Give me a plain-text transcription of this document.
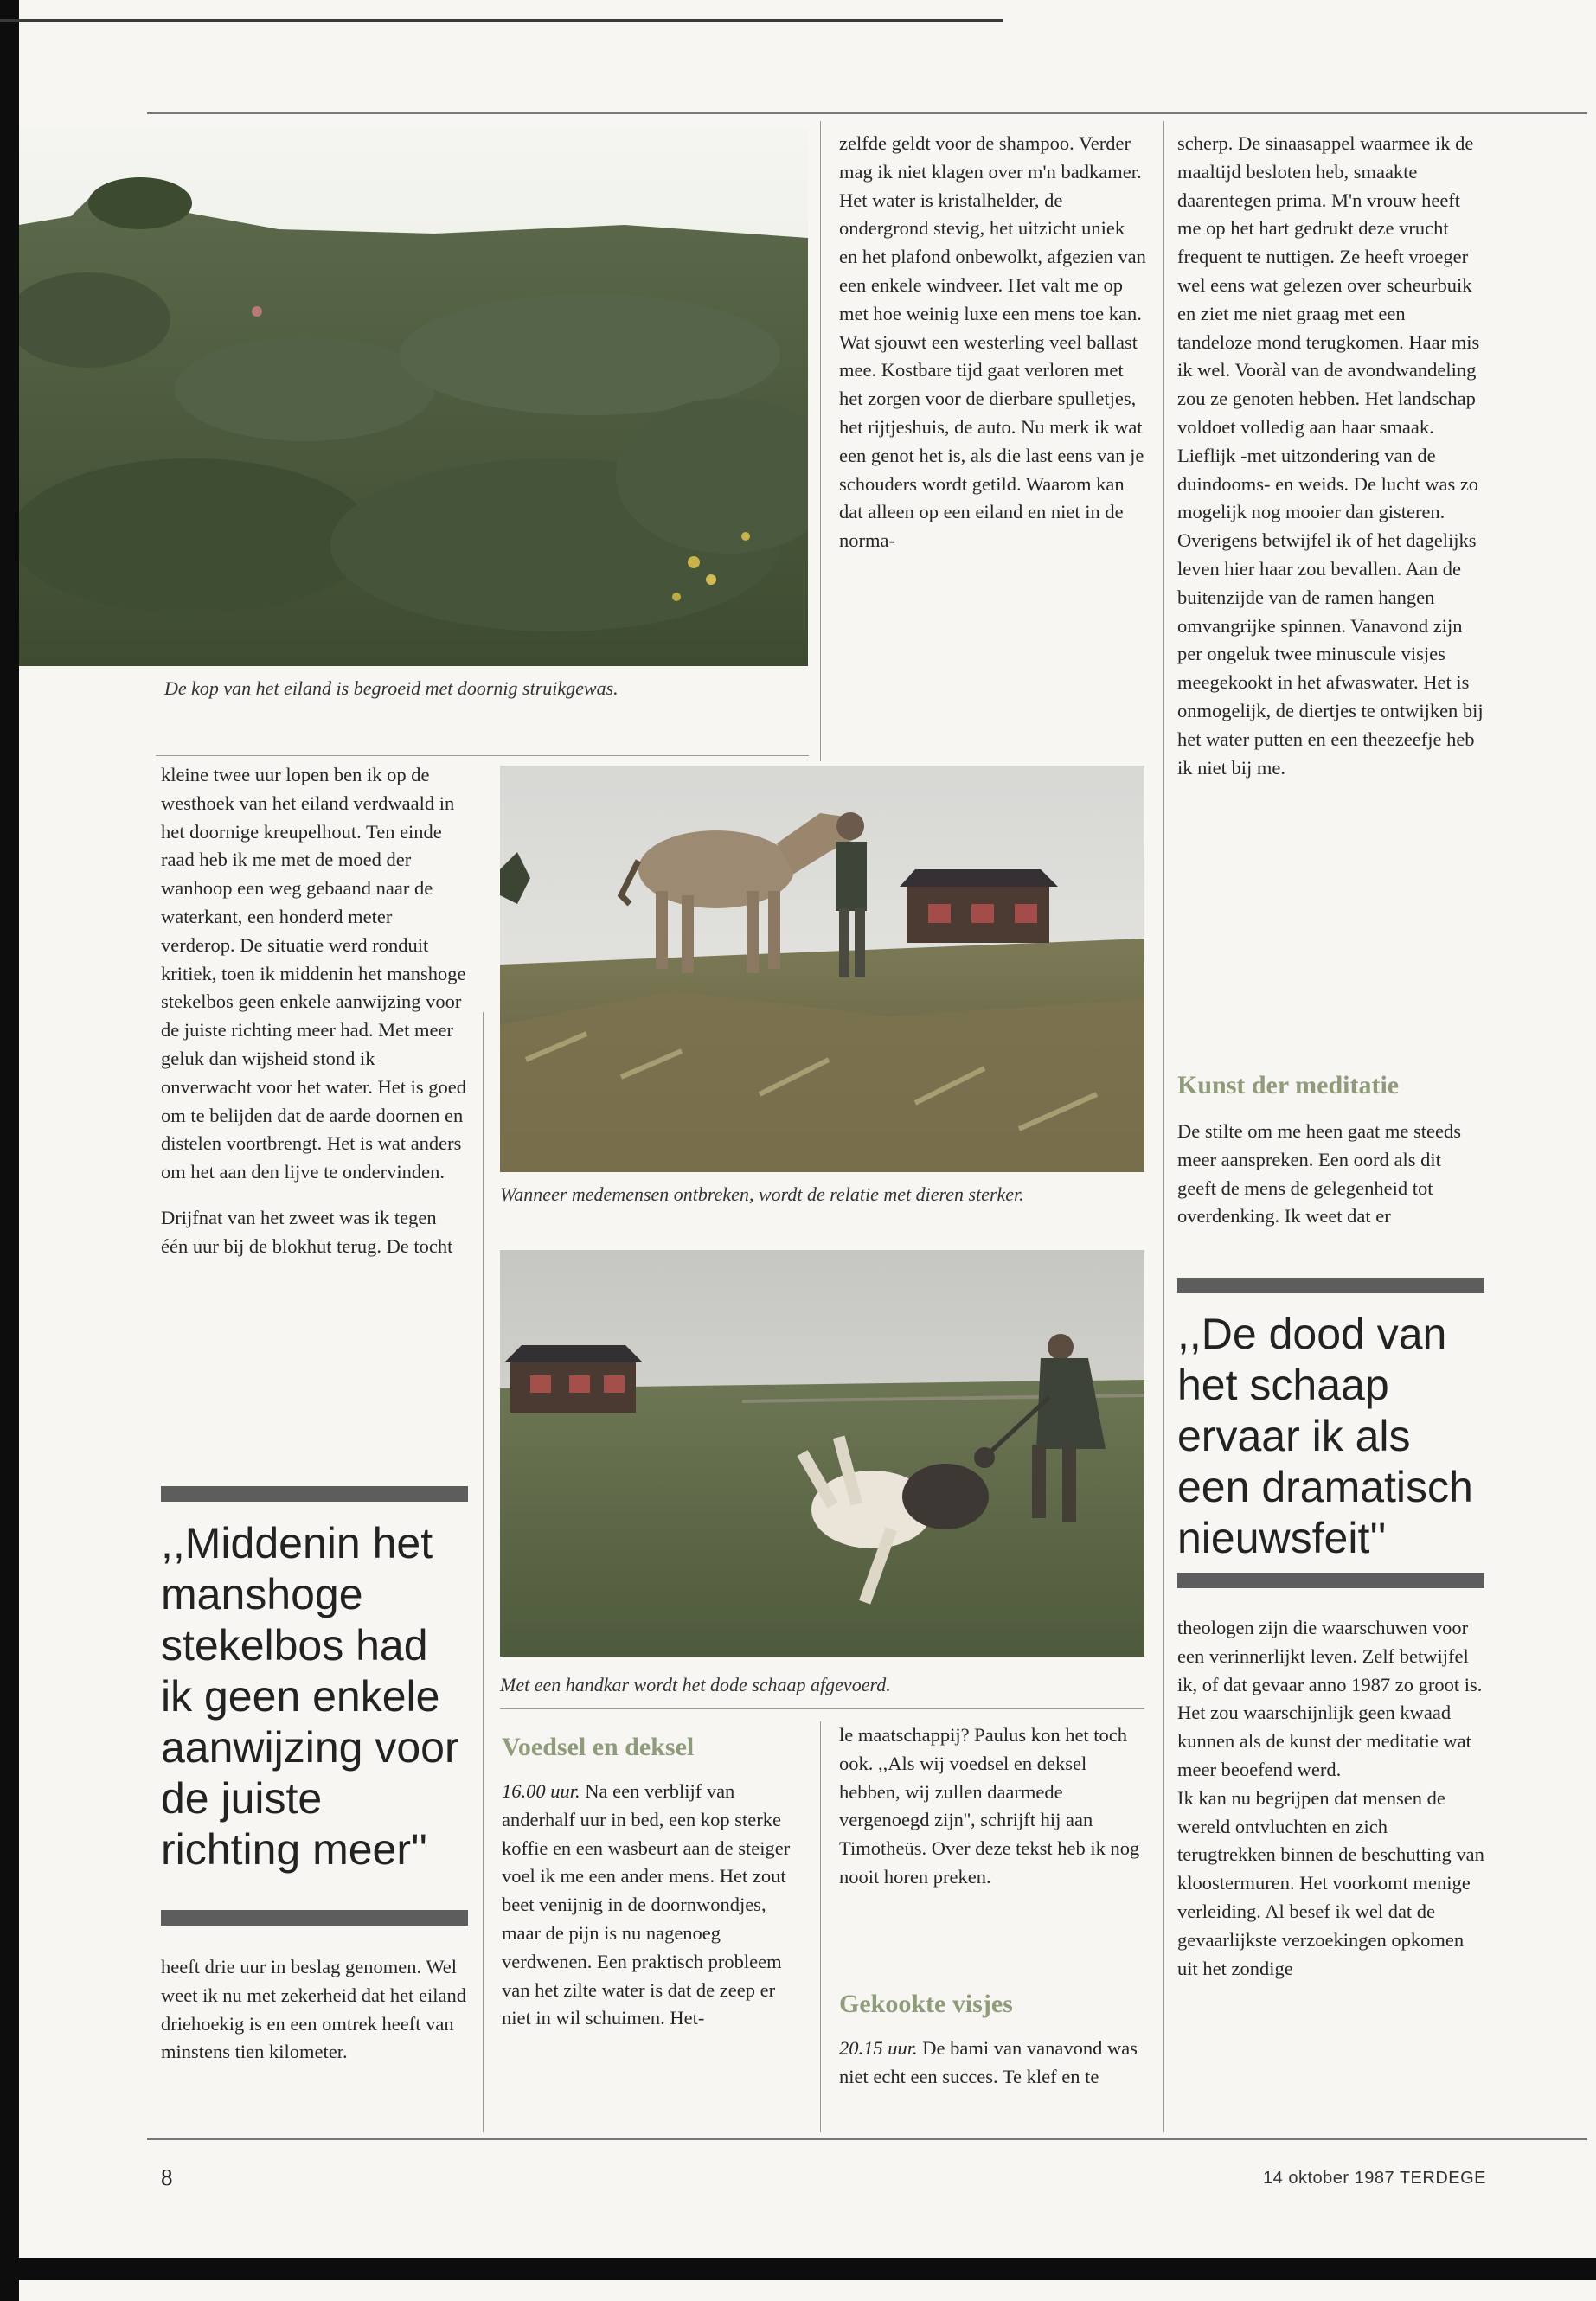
De kop van het eiland is begroeid met doornig struikgewas.

Wanneer medemensen ontbreken, wordt de relatie met dieren sterker.

Met een handkar wordt het dode schaap afgevoerd.

kleine twee uur lopen ben ik op de westhoek van het eiland verdwaald in het doornige kreupelhout. Ten einde raad heb ik me met de moed der wanhoop een weg gebaand naar de waterkant, een honderd meter verderop. De situatie werd ronduit kritiek, toen ik middenin het manshoge stekelbos geen enkele aanwijzing voor de juiste richting meer had. Met meer geluk dan wijsheid stond ik onverwacht voor het water. Het is goed om te belijden dat de aarde doornen en distelen voortbrengt. Het is wat anders om het aan den lijve te ondervinden.

Drijfnat van het zweet was ik tegen één uur bij de blokhut terug. De tocht

,,Middenin het manshoge stekelbos had ik geen enkele aanwijzing voor de juiste richting meer''

heeft drie uur in beslag genomen. Wel weet ik nu met zekerheid dat het eiland driehoekig is en een omtrek heeft van minstens tien kilometer.

Voedsel en deksel

16.00 uur. Na een verblijf van anderhalf uur in bed, een kop sterke koffie en een wasbeurt aan de steiger voel ik me een ander mens. Het zout beet venijnig in de doornwondjes, maar de pijn is nu nagenoeg verdwenen. Een praktisch probleem van het zilte water is dat de zeep er niet in wil schuimen. Het-

zelfde geldt voor de shampoo. Verder mag ik niet klagen over m'n badkamer. Het water is kristalhelder, de ondergrond stevig, het uitzicht uniek en het plafond onbewolkt, afgezien van een enkele windveer. Het valt me op met hoe weinig luxe een mens toe kan. Wat sjouwt een westerling veel ballast mee. Kostbare tijd gaat verloren met het zorgen voor de dierbare spulletjes, het rijtjeshuis, de auto. Nu merk ik wat een genot het is, als die last eens van je schouders wordt getild. Waarom kan dat alleen op een eiland en niet in de norma-

le maatschappij? Paulus kon het toch ook. ,,Als wij voedsel en deksel hebben, wij zullen daarmede vergenoegd zijn'', schrijft hij aan Timotheüs. Over deze tekst heb ik nog nooit horen preken.

Gekookte visjes

20.15 uur. De bami van vanavond was niet echt een succes. Te klef en te

scherp. De sinaasappel waarmee ik de maaltijd besloten heb, smaakte daarentegen prima. M'n vrouw heeft me op het hart gedrukt deze vrucht frequent te nuttigen. Ze heeft vroeger wel eens wat gelezen over scheurbuik en ziet me niet graag met een tandeloze mond terugkomen. Haar mis ik wel. Vooràl van de avondwandeling zou ze genoten hebben. Het landschap voldoet volledig aan haar smaak. Lieflijk -met uitzondering van de duindooms- en weids. De lucht was zo mogelijk nog mooier dan gisteren. Overigens betwijfel ik of het dagelijks leven hier haar zou bevallen. Aan de buitenzijde van de ramen hangen omvangrijke spinnen. Vanavond zijn per ongeluk twee minuscule visjes meegekookt in het afwaswater. Het is onmogelijk, de diertjes te ontwijken bij het water putten en een theezeefje heb ik niet bij me.

Kunst der meditatie

De stilte om me heen gaat me steeds meer aanspreken. Een oord als dit geeft de mens de gelegenheid tot overdenking. Ik weet dat er

,,De dood van het schaap ervaar ik als een dramatisch nieuwsfeit''

theologen zijn die waarschuwen voor een verinnerlijkt leven. Zelf betwijfel ik, of dat gevaar anno 1987 zo groot is. Het zou waarschijnlijk geen kwaad kunnen als de kunst der meditatie wat meer beoefend werd.

Ik kan nu begrijpen dat mensen de wereld ontvluchten en zich terugtrekken binnen de beschutting van kloostermuren. Het voorkomt menige verleiding. Al besef ik wel dat de gevaarlijkste verzoekingen opkomen uit het zondige

8	14 oktober 1987 TERDEGE
